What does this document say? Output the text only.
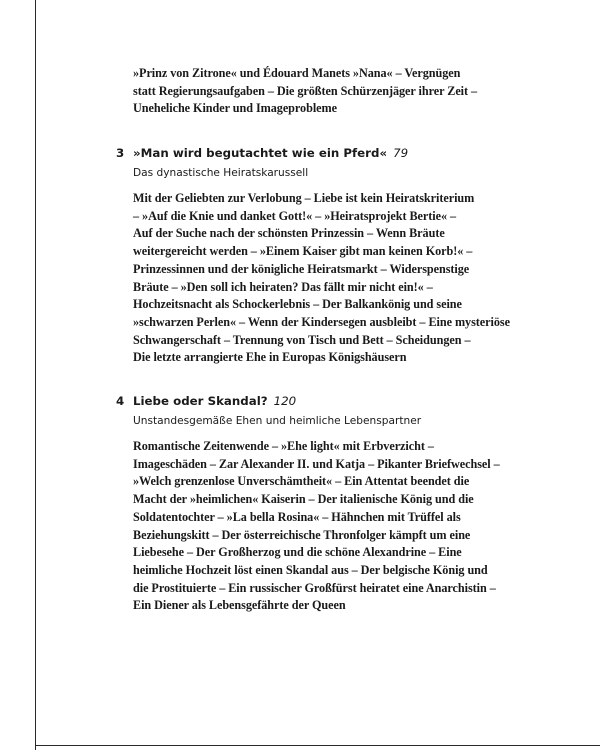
»Prinz von Zitrone« und Édouard Manets »Nana« – Vergnügen
statt Regierungsaufgaben – Die größten Schürzenjäger ihrer Zeit –
Uneheliche Kinder und Imageprobleme
3 »Man wird begutachtet wie ein Pferd« 79
Das dynastische Heiratskarussell
Mit der Geliebten zur Verlobung – Liebe ist kein Heiratskriterium
– »Auf die Knie und danket Gott!« – »Heiratsprojekt Bertie« –
Auf der Suche nach der schönsten Prinzessin – Wenn Bräute
weitergereicht werden – »Einem Kaiser gibt man keinen Korb!« –
Prinzessinnen und der königliche Heiratsmarkt – Widerspenstige
Bräute – »Den soll ich heiraten? Das fällt mir nicht ein!« –
Hochzeitsnacht als Schockerlebnis – Der Balkankönig und seine
»schwarzen Perlen« – Wenn der Kindersegen ausbleibt – Eine mysteriöse
Schwangerschaft – Trennung von Tisch und Bett – Scheidungen –
Die letzte arrangierte Ehe in Europas Königshäusern
4 Liebe oder Skandal? 120
Unstandesgemäße Ehen und heimliche Lebenspartner
Romantische Zeitenwende – »Ehe light« mit Erbverzicht –
Imageschäden – Zar Alexander II. und Katja – Pikanter Briefwechsel –
»Welch grenzenlose Unverschämtheit« – Ein Attentat beendet die
Macht der »heimlichen« Kaiserin – Der italienische König und die
Soldatentochter – »La bella Rosina« – Hähnchen mit Trüffel als
Beziehungskitt – Der österreichische Thronfolger kämpft um eine
Liebesehe – Der Großherzog und die schöne Alexandrine – Eine
heimliche Hochzeit löst einen Skandal aus – Der belgische König und
die Prostituierte – Ein russischer Großfürst heiratet eine Anarchistin –
Ein Diener als Lebensgefährte der Queen
